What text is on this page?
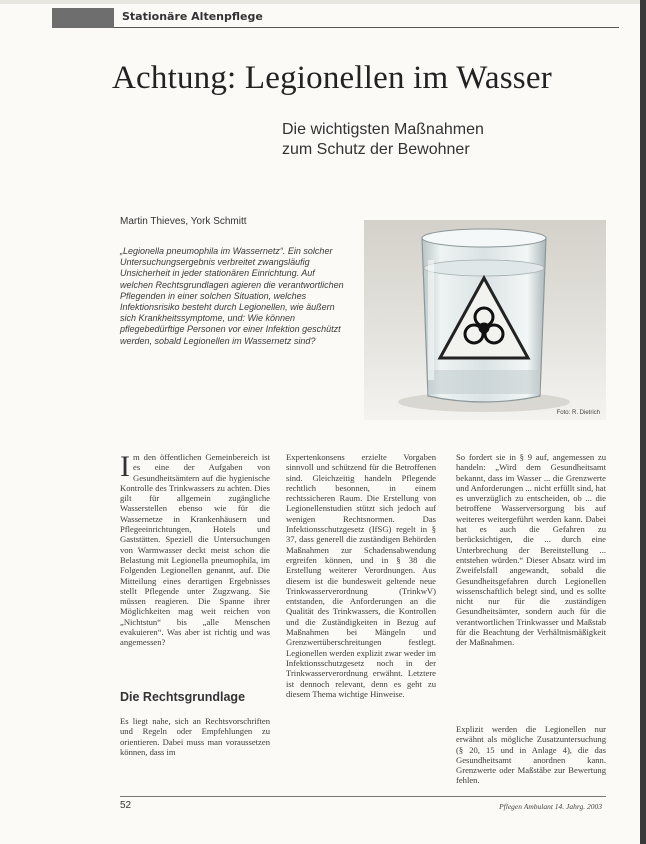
Stationäre Altenpflege
Achtung: Legionellen im Wasser
Die wichtigsten Maßnahmen
zum Schutz der Bewohner
Martin Thieves, York Schmitt
„Legionella pneumophila im Wassernetz“. Ein solcher Untersuchungsergebnis verbreitet zwangsläufig Unsicherheit in jeder stationären Einrichtung. Auf welchen Rechtsgrundlagen agieren die verantwortlichen Pflegenden in einer solchen Situation, welches Infektionsrisiko besteht durch Legionellen, wie äußern sich Krankheitssymptome, und: Wie können pflegebedürftige Personen vor einer Infektion geschützt werden, sobald Legionellen im Wassernetz sind?
Foto: R. Dietrich
I m den öffentlichen Gemeinbereich ist es eine der Aufgaben von Gesundheitsämtern auf die hygienische Kontrolle des Trinkwassers zu achten. Dies gilt für allgemein zugängliche Wasserstellen ebenso wie für die Wassernetze in Krankenhäusern und Pflegeeinrichtungen, Hotels und Gaststätten. Speziell die Untersuchungen von Warmwasser deckt meist schon die Belastung mit Legionella pneumophila, im Folgenden Legionellen genannt, auf. Die Mitteilung eines derartigen Ergebnisses stellt Pflegende unter Zugzwang. Sie müssen reagieren. Die Spanne ihrer Möglichkeiten mag weit reichen von „Nichtstun“ bis „alle Menschen evakuieren“. Was aber ist richtig und was angemessen?
Expertenkonsens erzielte Vorgaben sinnvoll und schützend für die Betroffenen sind. Gleichzeitig handeln Pflegende rechtlich besonnen, in einem rechtssicheren Raum. Die Erstellung von Legionellenstudien stützt sich jedoch auf wenigen Rechtsnormen. Das Infektionsschutzgesetz (IfSG) regelt in § 37, dass generell die zuständigen Behörden Maßnahmen zur Schadensabwendung ergreifen können, und in § 38 die Erstellung weiterer Verordnungen. Aus diesem ist die bundesweit geltende neue Trinkwasserverordnung (TrinkwV) entstanden, die Anforderungen an die Qualität des Trinkwassers, die Kontrollen und die Zuständigkeiten in Bezug auf Maßnahmen bei Mängeln und Grenzwertüberschreitungen festlegt. Legionellen werden explizit zwar weder im Infektionsschutzgesetz noch in der Trinkwasserverordnung erwähnt. Letztere ist dennoch relevant, denn es geht zu diesem Thema wichtige Hinweise.
So fordert sie in § 9 auf, angemessen zu handeln: „Wird dem Gesundheitsamt bekannt, dass im Wasser ... die Grenzwerte und Anforderungen ... nicht erfüllt sind, hat es unverzüglich zu entscheiden, ob ... die betroffene Wasserversorgung bis auf weiteres weitergeführt werden kann. Dabei hat es auch die Gefahren zu berücksichtigen, die ... durch eine Unterbrechung der Bereitstellung ... entstehen würden.“ Dieser Absatz wird im Zweifelsfall angewandt, sobald die Gesundheitsgefahren durch Legionellen wissenschaftlich belegt sind, und es sollte nicht nur für die zuständigen Gesundheitsämter, sondern auch für die verantwortlichen Trinkwasser und Maßstab für die Beachtung der Verhältnismäßigkeit der Maßnahmen.
Die Rechtsgrundlage
Es liegt nahe, sich an Rechtsvorschriften und Regeln oder Empfehlungen zu orientieren. Dabei muss man voraussetzen können, dass im
Explizit werden die Legionellen nur erwähnt als mögliche Zusatzuntersuchung (§ 20, 15 und in Anlage 4), die das Gesundheitsamt anordnen kann. Grenzwerte oder Maßstäbe zur Bewertung fehlen.
52	Pflegen Ambulant 14. Jahrg. 2003
